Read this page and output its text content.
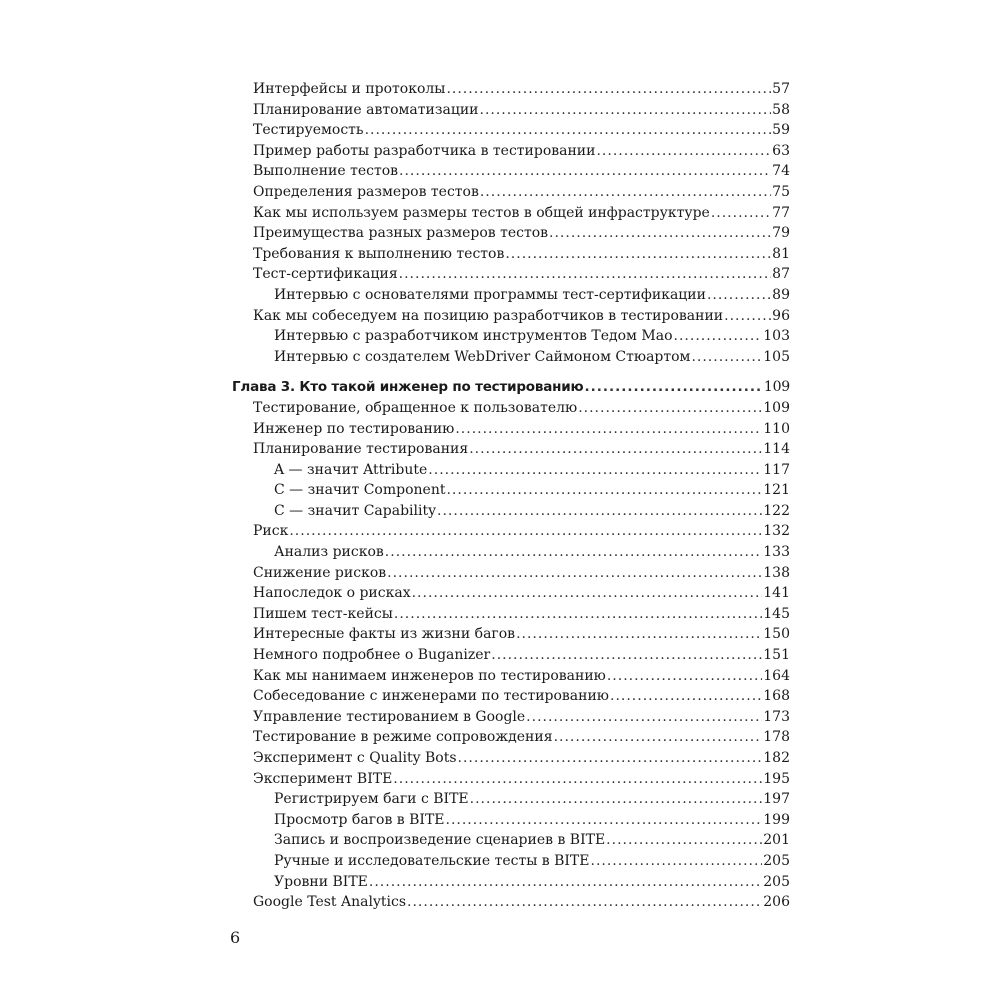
Интерфейсы и протоколы .....	57
Планирование автоматизации .....	58
Тестируемость .....	59
Пример работы разработчика в тестировании .....	63
Выполнение тестов .....	74
Определения размеров тестов .....	75
Как мы используем размеры тестов в общей инфраструктуре .....	77
Преимущества разных размеров тестов .....	79
Требования к выполнению тестов .....	81
Тест-сертификация .....	87
Интервью с основателями программы тест-сертификации .....	89
Как мы собеседуем на позицию разработчиков в тестировании .....	96
Интервью с разработчиком инструментов Тедом Мао .....	103
Интервью с создателем WebDriver Саймоном Стюартом .....	105
Глава 3. Кто такой инженер по тестированию .....	109
Тестирование, обращенное к пользователю .....	109
Инженер по тестированию .....	110
Планирование тестирования .....	114
A — значит Attribute .....	117
C — значит Component .....	121
C — значит Capability .....	122
Риск .....	132
Анализ рисков .....	133
Снижение рисков .....	138
Напоследок о рисках .....	141
Пишем тест-кейсы .....	145
Интересные факты из жизни багов .....	150
Немного подробнее о Buganizer .....	151
Как мы нанимаем инженеров по тестированию .....	164
Собеседование с инженерами по тестированию .....	168
Управление тестированием в Google .....	173
Тестирование в режиме сопровождения .....	178
Эксперимент с Quality Bots .....	182
Эксперимент BITE .....	195
Регистрируем баги с BITE .....	197
Просмотр багов в BITE .....	199
Запись и воспроизведение сценариев в BITE .....	201
Ручные и исследовательские тесты в BITE .....	205
Уровни BITE .....	205
Google Test Analytics .....	206

6
